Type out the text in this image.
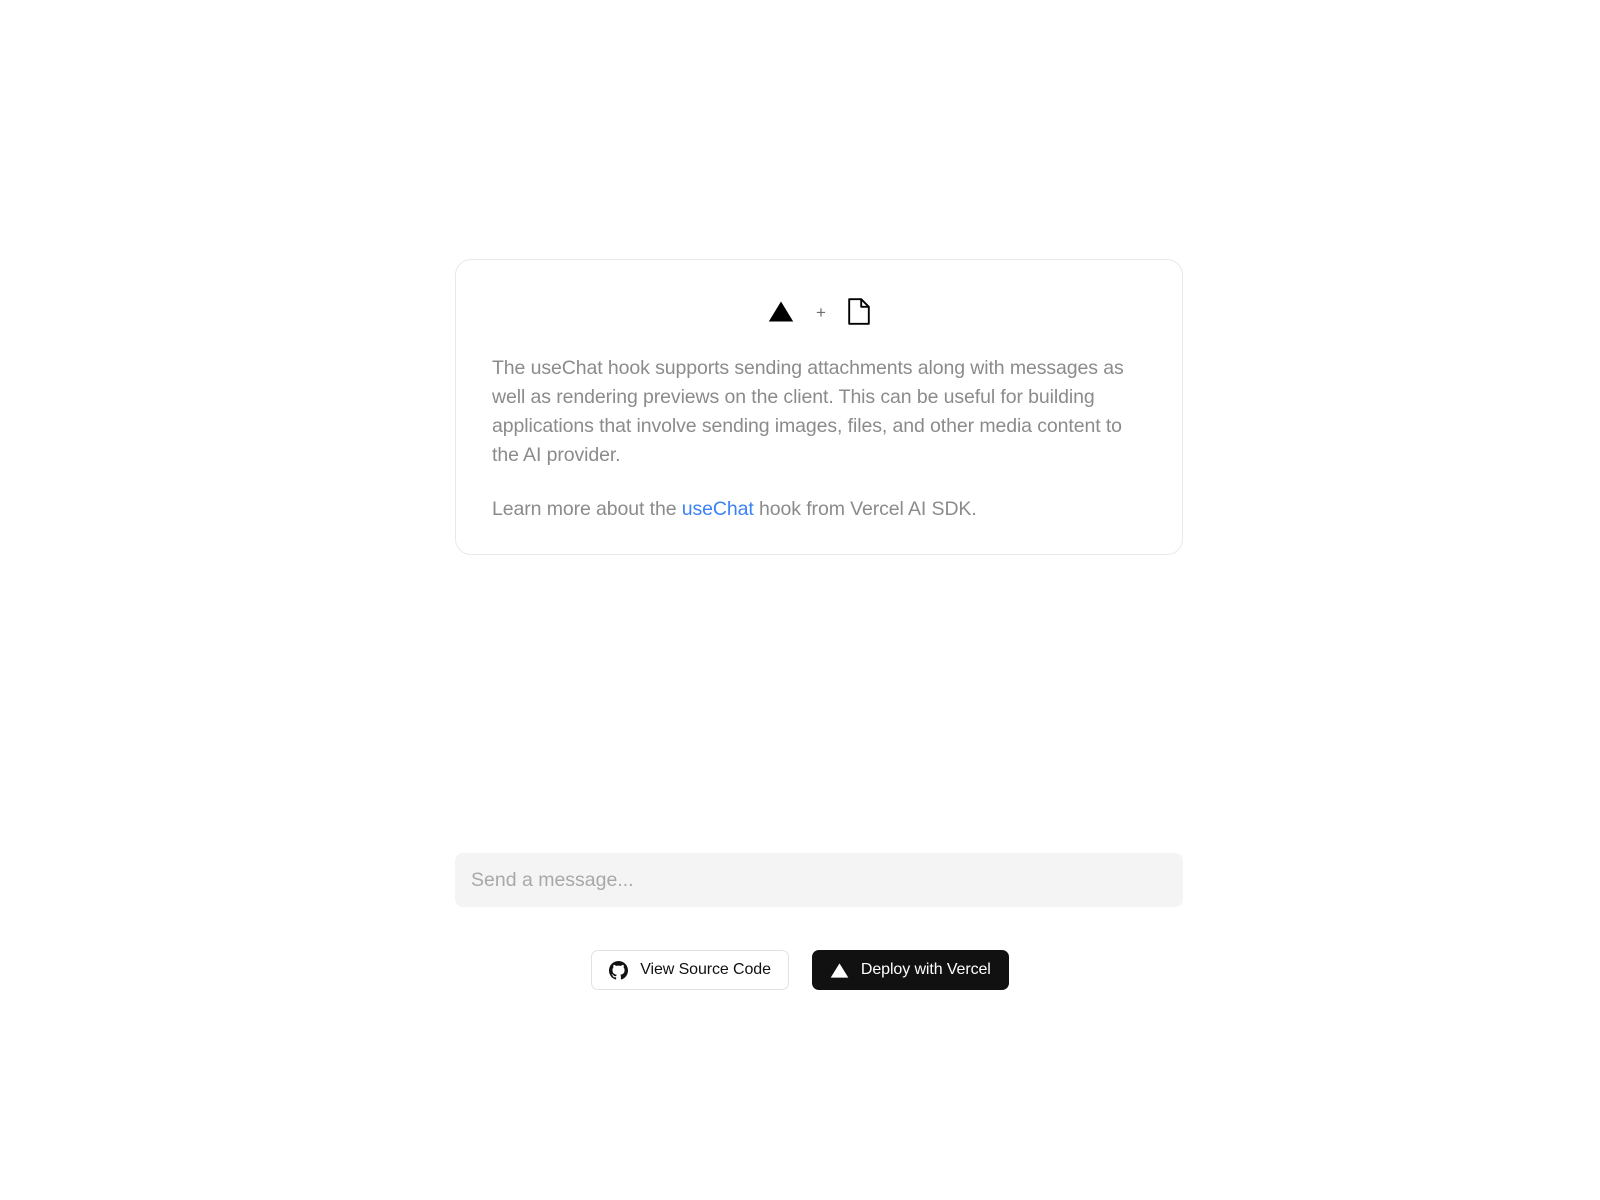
+

The useChat hook supports sending attachments along with messages as well as rendering previews on the client. This can be useful for building applications that involve sending images, files, and other media content to the AI provider.

Learn more about the useChat hook from Vercel AI SDK.

Send a message...
View Source Code	Deploy with Vercel
